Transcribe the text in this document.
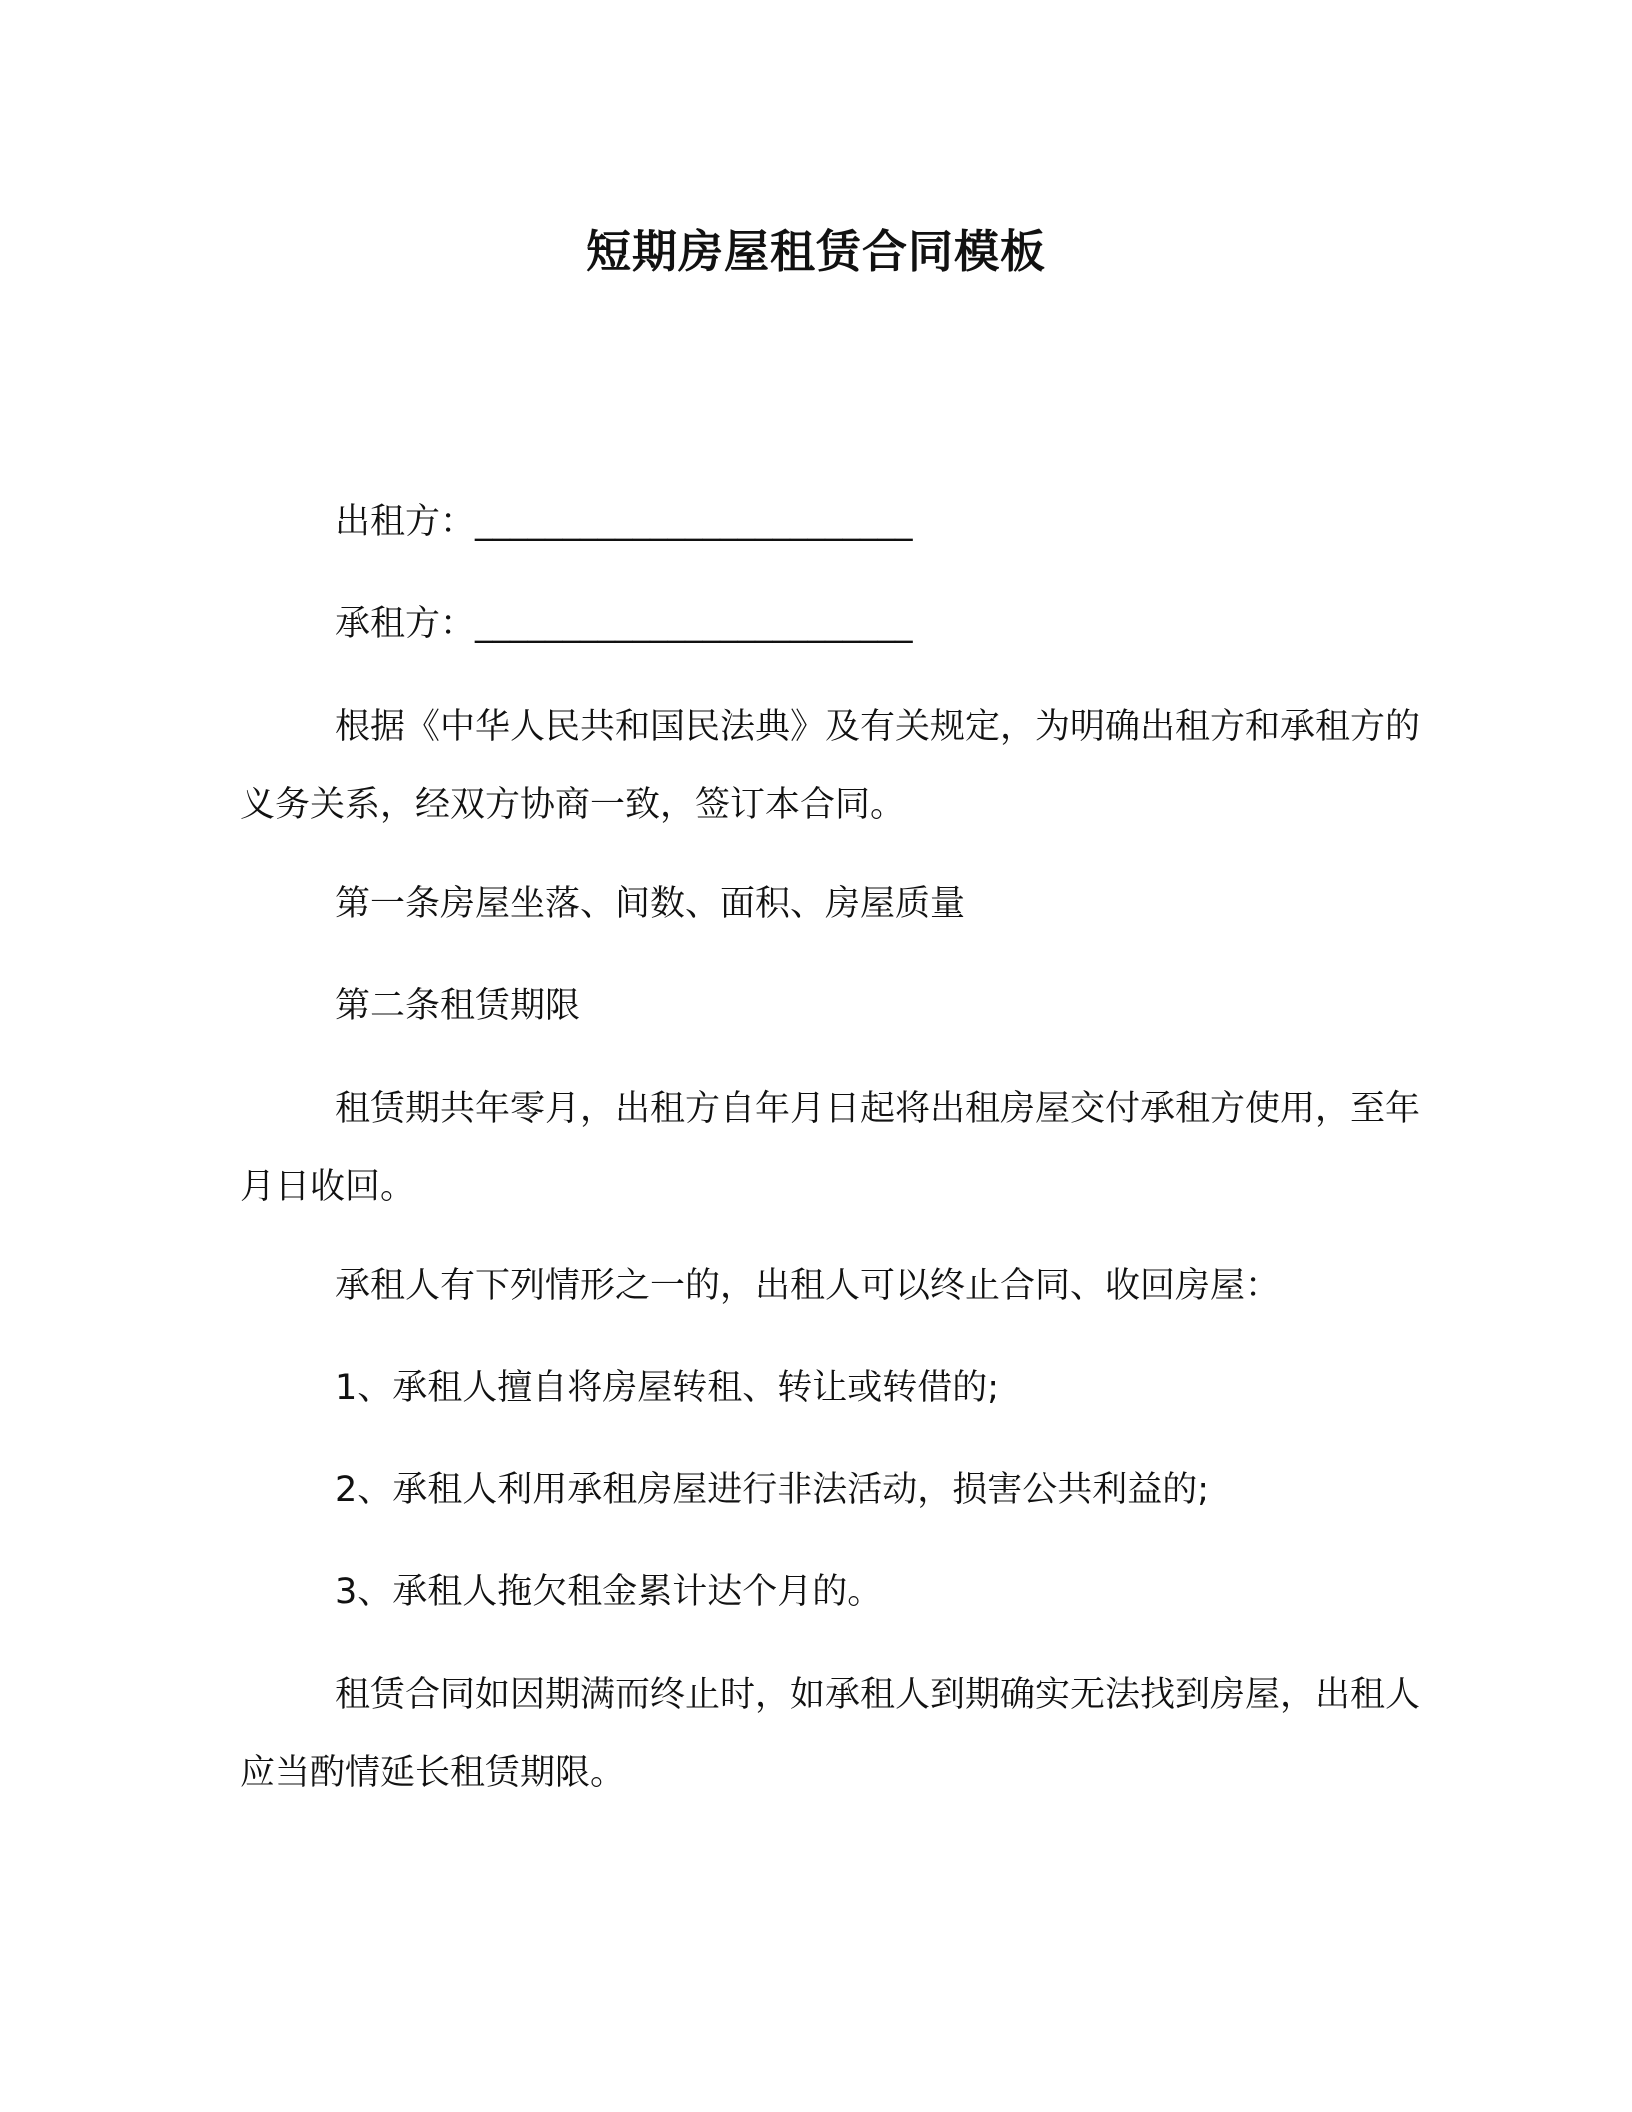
短期房屋租赁合同模板

出租方：_________________________

承租方：_________________________

根据《中华人民共和国民法典》及有关规定，为明确出租方和承租方的义务关系，经双方协商一致，签订本合同。

第一条房屋坐落、间数、面积、房屋质量

第二条租赁期限

租赁期共年零月，出租方自年月日起将出租房屋交付承租方使用，至年月日收回。

承租人有下列情形之一的，出租人可以终止合同、收回房屋：

1、承租人擅自将房屋转租、转让或转借的;

2、承租人利用承租房屋进行非法活动，损害公共利益的;

3、承租人拖欠租金累计达个月的。

租赁合同如因期满而终止时，如承租人到期确实无法找到房屋，出租人应当酌情延长租赁期限。
